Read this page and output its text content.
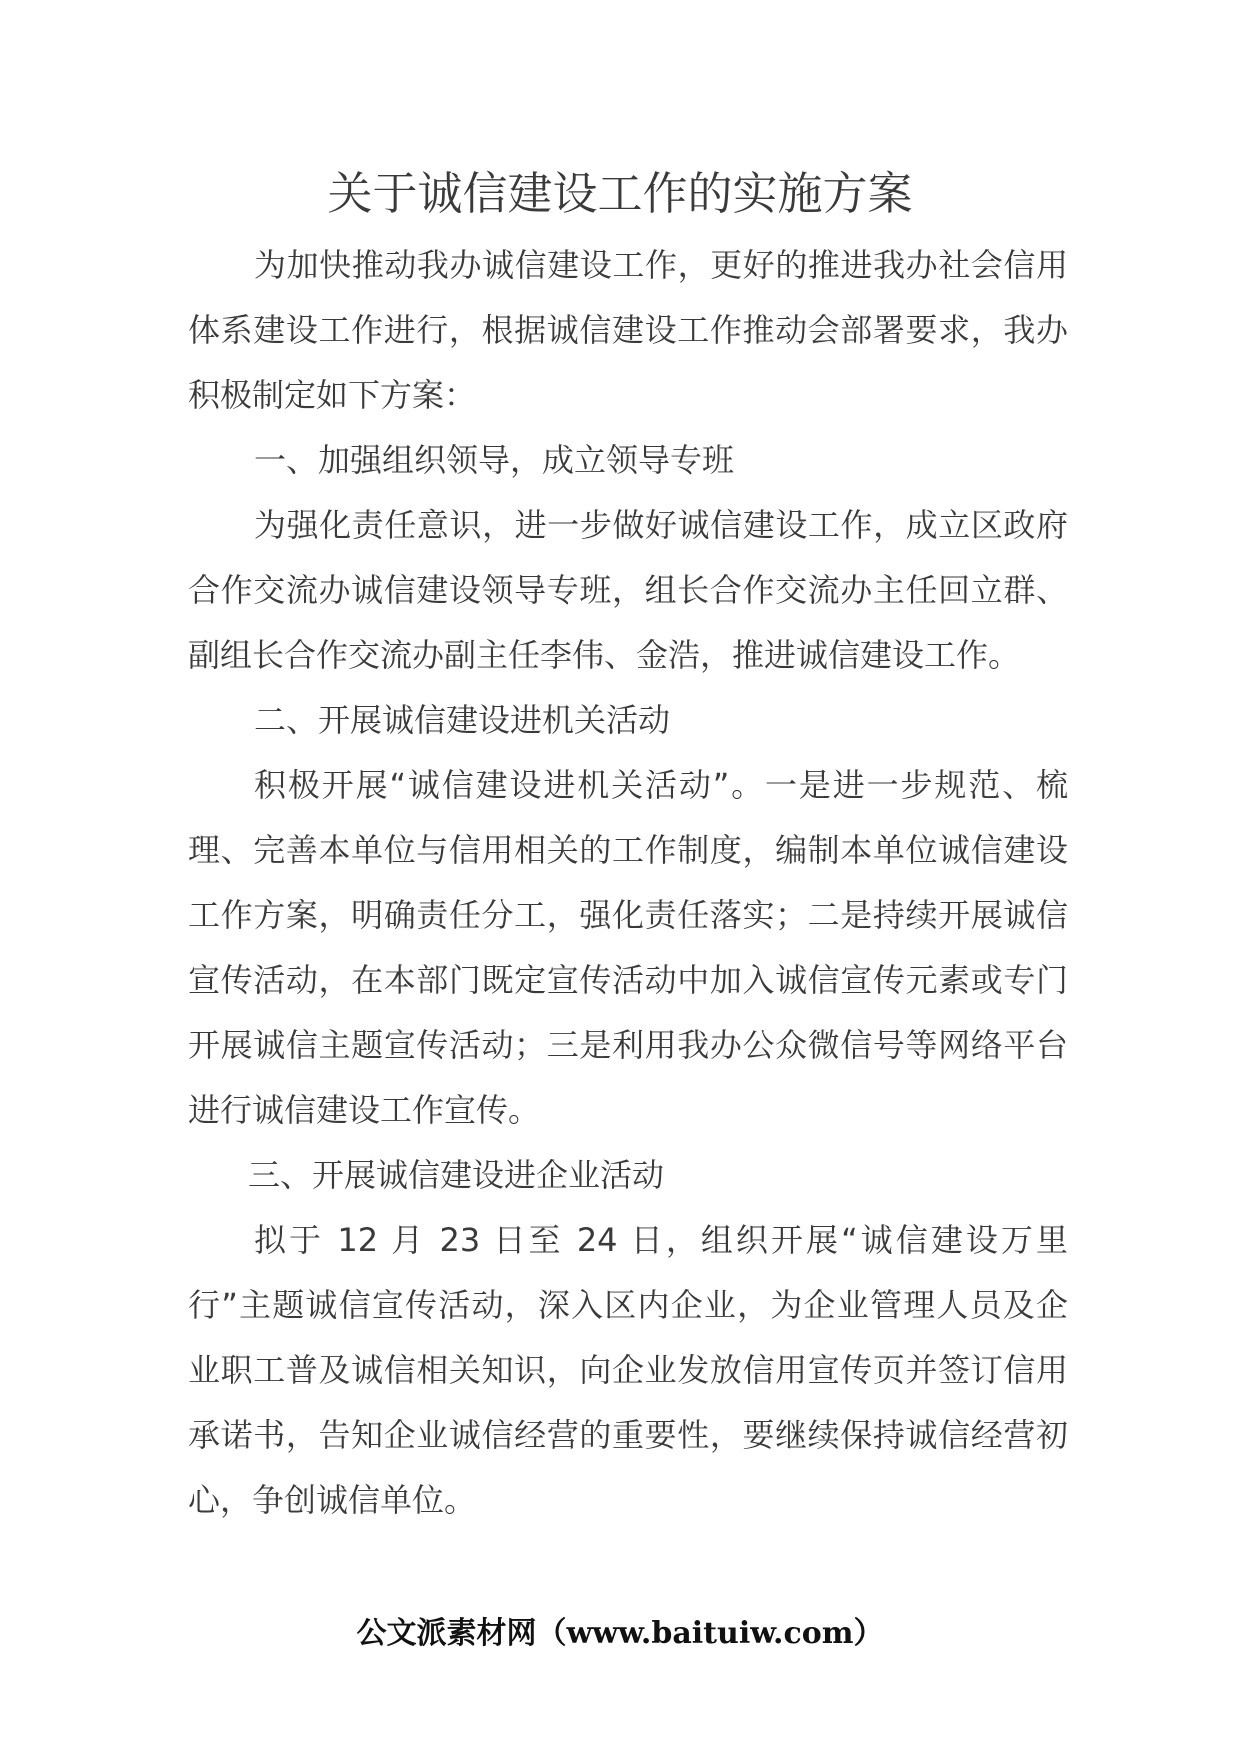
关于诚信建设工作的实施方案

为加快推动我办诚信建设工作，更好的推进我办社会信用体系建设工作进行，根据诚信建设工作推动会部署要求，我办积极制定如下方案：

一、加强组织领导，成立领导专班

为强化责任意识，进一步做好诚信建设工作，成立区政府合作交流办诚信建设领导专班，组长合作交流办主任回立群、副组长合作交流办副主任李伟、金浩，推进诚信建设工作。

二、开展诚信建设进机关活动

积极开展“诚信建设进机关活动”。一是进一步规范、梳理、完善本单位与信用相关的工作制度，编制本单位诚信建设工作方案，明确责任分工，强化责任落实；二是持续开展诚信宣传活动，在本部门既定宣传活动中加入诚信宣传元素或专门开展诚信主题宣传活动；三是利用我办公众微信号等网络平台进行诚信建设工作宣传。

三、开展诚信建设进企业活动

拟于 12 月 23 日至 24 日，组织开展“诚信建设万里行”主题诚信宣传活动，深入区内企业，为企业管理人员及企业职工普及诚信相关知识，向企业发放信用宣传页并签订信用承诺书，告知企业诚信经营的重要性，要继续保持诚信经营初心，争创诚信单位。

公文派素材网（www.baituiw.com）
